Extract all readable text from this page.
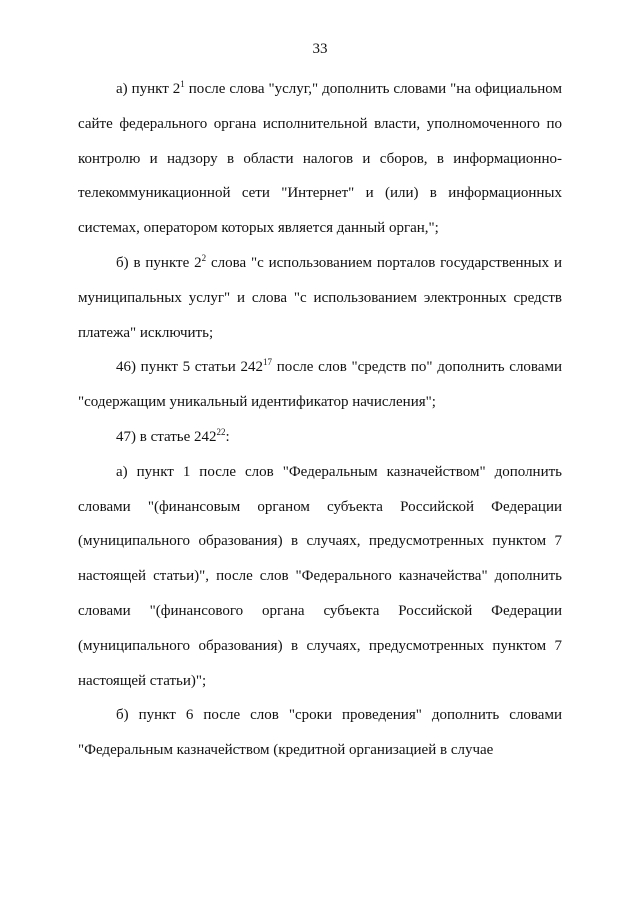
33

а) пункт $2^1$ после слова "услуг," дополнить словами "на официальном сайте федерального органа исполнительной власти, уполномоченного по контролю и надзору в области налогов и сборов, в информационно-телекоммуникационной сети "Интернет" и (или) в информационных системах, оператором которых является данный орган,";

б) в пункте $2^2$ слова "с использованием порталов государственных и муниципальных услуг" и слова "с использованием электронных средств платежа" исключить;

46) пункт 5 статьи $242^{17}$ после слов "средств по" дополнить словами "содержащим уникальный идентификатор начисления";

47) в статье $242^{22}$:

а) пункт 1 после слов "Федеральным казначейством" дополнить словами "(финансовым органом субъекта Российской Федерации (муниципального образования) в случаях, предусмотренных пунктом 7 настоящей статьи)", после слов "Федерального казначейства" дополнить словами "(финансового органа субъекта Российской Федерации (муниципального образования) в случаях, предусмотренных пунктом 7 настоящей статьи)";

б) пункт 6 после слов "сроки проведения" дополнить словами "Федеральным казначейством (кредитной организацией в случае
